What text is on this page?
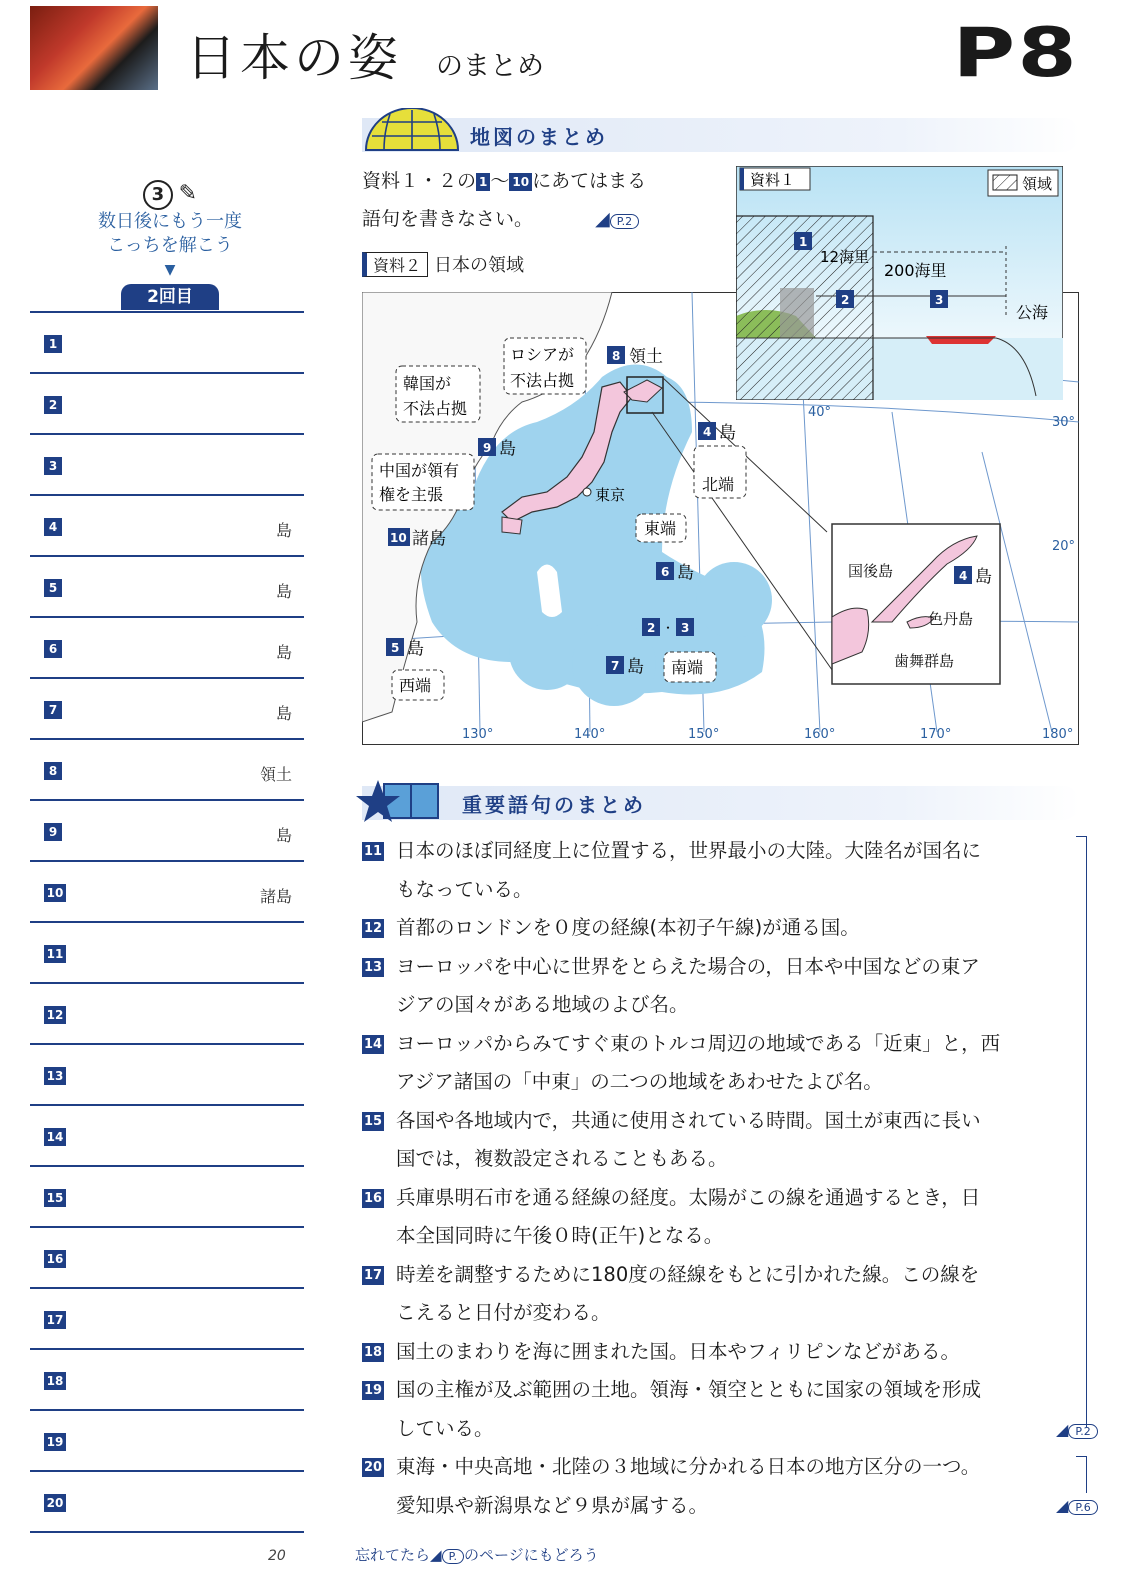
日本の姿 のまとめ	P8
3 ✎
数日後にもう一度
こっちを解こう
▼
2回目
1
2
3
4	島
5	島
6	島
7	島
8	領土
9	島
10	諸島
11
12
13
14
15
16
17
18
19
20
20
地図のまとめ
資料１・２の 1 〜 10 にあてはまる
語句を書きなさい。	◢ P.2
資料２ 日本の領域
東京
ロシアが
不法占拠
韓国が
不法占拠
中国が領有
権を主張
北端
東端
西端
南端
8 領土
9 島
4 島
10 諸島
6 島
5 島
7 島
2 ・ 3
130°	140°	150°	160°	170°	180°
40°
30°
20°
国後島
色丹島
歯舞群島
4 島
資料１	領域
1
2	3
12海里
200海里
公海
重要語句のまとめ
11 日本のほぼ同経度上に位置する，世界最小の大陸。大陸名が国名に
もなっている。
12 首都のロンドンを０度の経線(本初子午線)が通る国。
13 ヨーロッパを中心に世界をとらえた場合の，日本や中国などの東ア
ジアの国々がある地域のよび名。
14 ヨーロッパからみてすぐ東のトルコ周辺の地域である「近東」と，西
アジア諸国の「中東」の二つの地域をあわせたよび名。
15 各国や各地域内で，共通に使用されている時間。国土が東西に長い
国では，複数設定されることもある。
16 兵庫県明石市を通る経線の経度。太陽がこの線を通過するとき，日
本全国同時に午後０時(正午)となる。
17 時差を調整するために180度の経線をもとに引かれた線。この線を
こえると日付が変わる。
18 国土のまわりを海に囲まれた国。日本やフィリピンなどがある。
19 国の主権が及ぶ範囲の土地。領海・領空とともに国家の領域を形成
している。
20 東海・中央高地・北陸の３地域に分かれる日本の地方区分の一つ。
愛知県や新潟県など９県が属する。
◢ P.2
◢ P.6
忘れてたら◢ P. のページにもどろう
